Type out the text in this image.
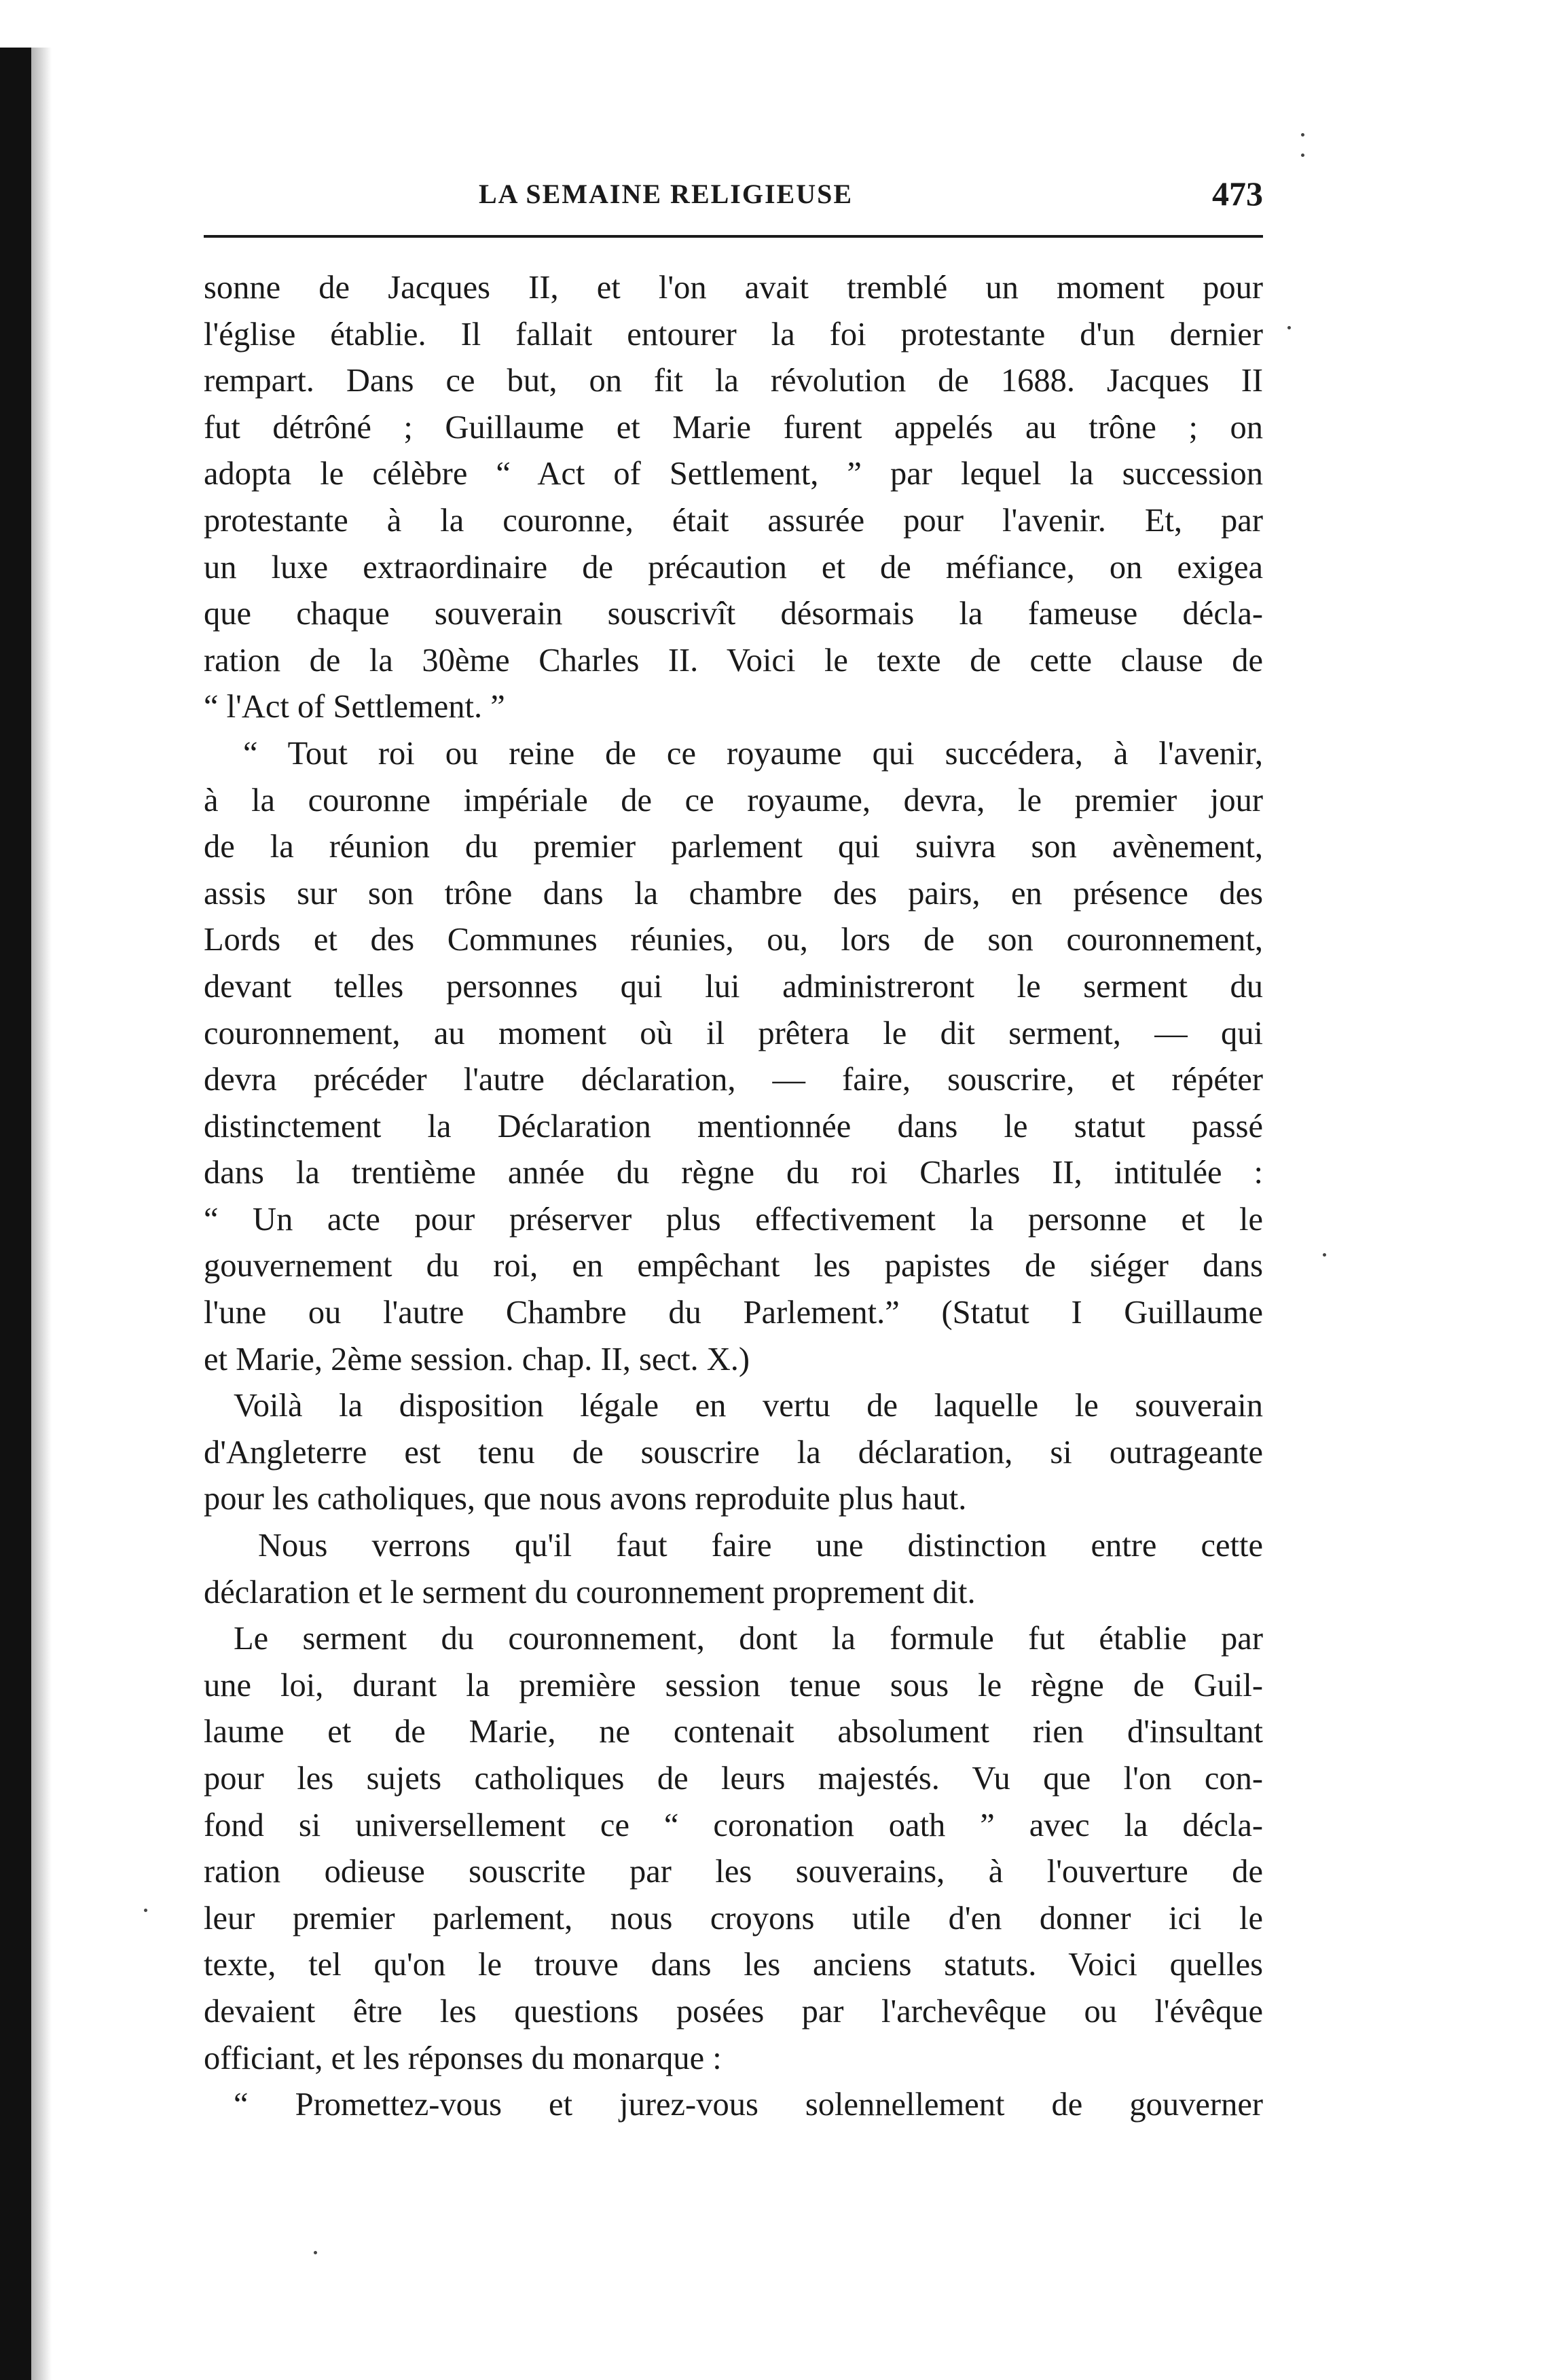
LA SEMAINE RELIGIEUSE	473
sonne de Jacques II, et l'on avait tremblé un moment pour
l'église établie. Il fallait entourer la foi protestante d'un dernier
rempart. Dans ce but, on fit la révolution de 1688. Jacques II
fut détrôné ; Guillaume et Marie furent appelés au trône ; on
adopta le célèbre “ Act of Settlement, ” par lequel la succession
protestante à la couronne, était assurée pour l'avenir. Et, par
un luxe extraordinaire de précaution et de méfiance, on exigea
que chaque souverain souscrivît désormais la fameuse décla-
ration de la 30ème Charles II. Voici le texte de cette clause de
“ l'Act of Settlement. ”
“ Tout roi ou reine de ce royaume qui succédera, à l'avenir,
à la couronne impériale de ce royaume, devra, le premier jour
de la réunion du premier parlement qui suivra son avènement,
assis sur son trône dans la chambre des pairs, en présence des
Lords et des Communes réunies, ou, lors de son couronnement,
devant telles personnes qui lui administreront le serment du
couronnement, au moment où il prêtera le dit serment, — qui
devra précéder l'autre déclaration, — faire, souscrire, et répéter
distinctement la Déclaration mentionnée dans le statut passé
dans la trentième année du règne du roi Charles II, intitulée :
“ Un acte pour préserver plus effectivement la personne et le
gouvernement du roi, en empêchant les papistes de siéger dans
l'une ou l'autre Chambre du Parlement.” (Statut I Guillaume
et Marie, 2ème session. chap. II, sect. X.)
Voilà la disposition légale en vertu de laquelle le souverain
d'Angleterre est tenu de souscrire la déclaration, si outrageante
pour les catholiques, que nous avons reproduite plus haut.
Nous verrons qu'il faut faire une distinction entre cette
déclaration et le serment du couronnement proprement dit.
Le serment du couronnement, dont la formule fut établie par
une loi, durant la première session tenue sous le règne de Guil-
laume et de Marie, ne contenait absolument rien d'insultant
pour les sujets catholiques de leurs majestés. Vu que l'on con-
fond si universellement ce “ coronation oath ” avec la décla-
ration odieuse souscrite par les souverains, à l'ouverture de
leur premier parlement, nous croyons utile d'en donner ici le
texte, tel qu'on le trouve dans les anciens statuts. Voici quelles
devaient être les questions posées par l'archevêque ou l'évêque
officiant, et les réponses du monarque :
“ Promettez-vous et jurez-vous solennellement de gouverner
